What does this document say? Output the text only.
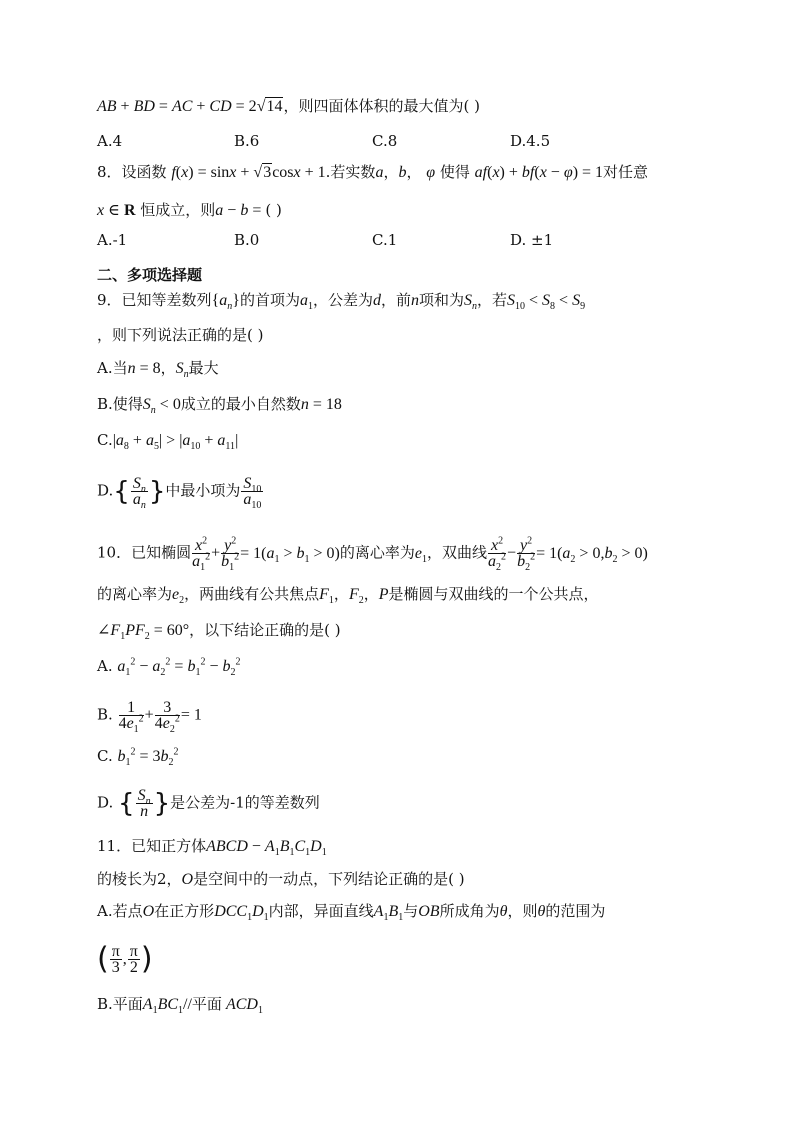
AB + BD = AC + CD = 2√14，则四面体体积的最大值为( )
A.4	B.6	C.8	D.4.5
8．设函数 f(x) = sinx + √3cosx + 1.若实数a，b， φ 使得 af(x) + bf(x − φ) = 1对任意
x ∈ R 恒成立，则a − b = ( )
A.-1	B.0	C.1	D. ±1
二、多项选择题
9．已知等差数列$\{a_n\}$的首项为$a_1$，公差为d，前n项和为$S_n$，若$S_{10} < S_8 < S_9$
，则下列说法正确的是( )
A.当n = 8，$S_n$最大
B.使得$S_n < 0$成立的最小自然数n = 18
$C.|a_8 + a_5| > |a_{10} + a_{11}|$
$D.\{ \frac{S_n}{a_n}$ }中最小项为 $\frac{S_{10}}{a_{10}}$
10．已知椭圆 $\frac{x^2}{a_1^2} + \frac{y^2}{b_1^2} = 1(a_1 > b_1 > 0)$的离心率为$e_1$，双曲线 $\frac{x^2}{a_2^2} - \frac{y^2}{b_2^2} = 1(a_2 > 0,b_2 > 0)$
的离心率为$e_2$，两曲线有公共焦点$F_1$，$F_2$，P是椭圆与双曲线的一个公共点，
$\angle F_1PF_2 = 60^\circ$，以下结论正确的是( )
A. $a_1^2 - a_2^2 = b_1^2 - b_2^2$
B. $\frac{1}{4e_1^2} + \frac{3}{4e_2^2} = 1$
C. $b_1^2 = 3b_2^2$
D. { $\frac{S_n}{n}$ }是公差为-1的等差数列
11．已知正方体ABCD − $A_1B_1C_1D_1$
的棱长为2，O是空间中的一动点，下列结论正确的是( )
A.若点O在正方形$DCC_1D_1$内部，异面直线$A_1B_1$与OB所成角为θ，则θ的范围为
( $\frac{\pi}{3}$ , $\frac{\pi}{2}$ )
B.平面$A_1BC_1//$平面 $ACD_1$
